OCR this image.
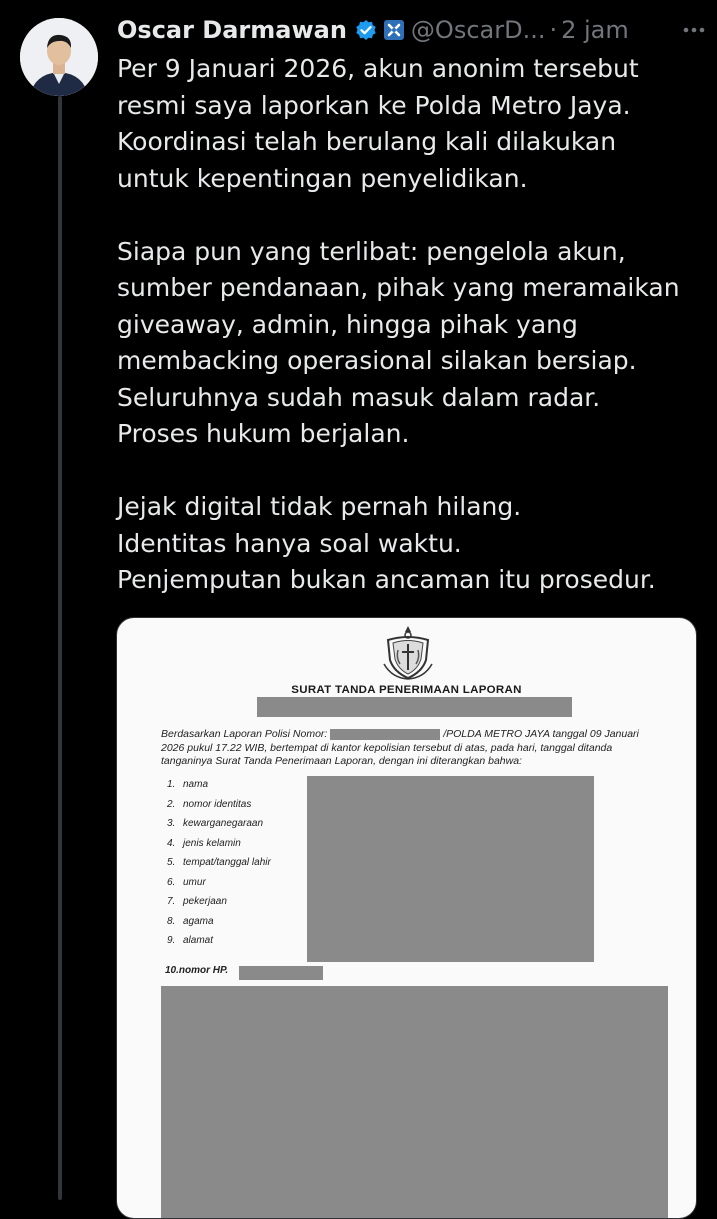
Oscar Darmawan	@OscarD... · 2 jam

Per 9 Januari 2026, akun anonim tersebut

resmi saya laporkan ke Polda Metro Jaya.

Koordinasi telah berulang kali dilakukan

untuk kepentingan penyelidikan.

Siapa pun yang terlibat: pengelola akun,

sumber pendanaan, pihak yang meramaikan

giveaway, admin, hingga pihak yang

membacking operasional silakan bersiap.

Seluruhnya sudah masuk dalam radar.

Proses hukum berjalan.

Jejak digital tidak pernah hilang.

Identitas hanya soal waktu.

Penjemputan bukan ancaman itu prosedur.

SURAT TANDA PENERIMAAN LAPORAN
Berdasarkan Laporan Polisi Nomor:	/POLDA METRO JAYA tanggal 09 Januari
2026 pukul 17.22 WIB, bertempat di kantor kepolisian tersebut di atas, pada hari, tanggal ditanda
tanganinya Surat Tanda Penerimaan Laporan, dengan ini diterangkan bahwa:
1. nama
2. nomor identitas
3. kewarganegaraan
4. jenis kelamin
5. tempat/tanggal lahir
6. umur
7. pekerjaan
8. agama
9. alamat
10.nomor HP.
